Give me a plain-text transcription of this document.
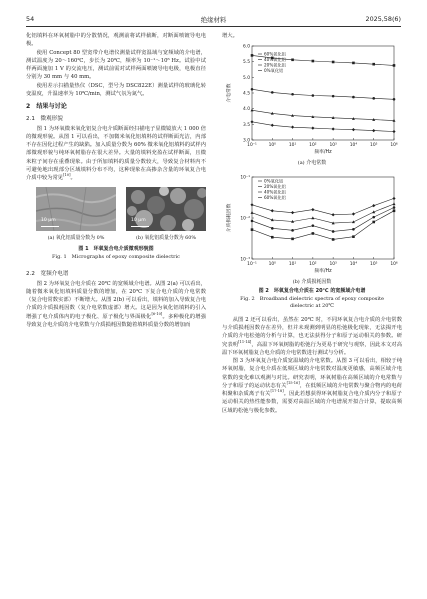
54	绝缘材料	2025,58(6)

化铝填料在环氧树脂中的分散情况，观测前将试样截断，对断面喷镀导电电极。

使用 Concept 80 型宽带介电谱仪测量试样宽温域与宽频域的介电谱，测试温度为 20～160℃，步长为 20℃，频率为 10⁻¹～10⁶ Hz。试验中试样两面施加 1 V 的交流电压，测试前需对试样两面喷镀导电电极，电极直径分别为 30 mm 与 40 mm。

使用差示扫描量热仪（DSC，型号为 DSC822E）测量试样的玻璃化转变温度，升温速率为 10℃/min，测试气氛为氮气。

2　结果与讨论
2.1　微观形貌

图 1 为环氧微米氧化铝复合电介质断面经扫描电子显微镜放大 1 000 倍的微观形貌。从图 1 可以看出，不加微米氧化铝填料的试样断面光洁，内部不存在因化过程产生的缺陷。加入质量分数为 60% 微米氧化铝填料的试样内部微观形貌与纯环氧树脂存在很大差异。大量的填料充盈在试样断面，且微米粒子间存在重叠现象。由于所加填料的质量分数较大，导致复合材料内不可避免地出现部分区域填料分布不均，这种现象在高掺杂含量的环氧复合电介质中较为常见[10]。

10 μm	10 μm
(a) 氧化铝质量分数为 0%	(b) 氧化铝质量分数为 60%
图 1　环氧复合电介质微观形貌图
Fig. 1　Micrographs of epoxy composite dielectric
2.2　宽频介电谱

图 2 为环氧复合电介质在 20℃ 的宽频域介电谱。从图 2(a) 可以看出，随着微米氧化铝填料质量分数的增加，在 20℃ 下复合电介质的介电常数（复合电常数实部）不断增大。从图 2(b) 可以看出，填料的加入导致复合电介质的介质损耗因数（复介电常数虚部）增大。这是因为氧化铝填料的引入增强了电介质体内的电子极化、原子极化与界面极化[6-10]。多种极化的增强导致复合电介质的介电常数与介质损耗因数随着填料质量分数的增加而

增大。

10⁻¹	10⁰	10¹	10²	10³	10⁴	10⁵	10⁶
3.0
3.5
4.0
4.5
5.0
5.5
6.0
频率/Hz
介电常数
60%氧化铝
40%氧化铝
20%氧化铝
0%氧化铝
(a) 介电常数
10⁻¹	10⁰	10¹	10²	10³	10⁴	10⁵	10⁶
10⁻³
10⁻²
10⁻¹
频率/Hz
介质损耗因数
0%氧化铝
20%氧化铝
40%氧化铝
60%氧化铝
(b) 介质损耗因数
图 2　环氧复合电介质在 20℃ 的宽频域介电谱
Fig. 2　Broadband dielectric spectra of epoxy composite
dielectric at 20℃

从图 2 还可以看出，虽然在 20℃ 时，不同环氧复合电介质的介电常数与介质损耗因数存在差异，但并未观测到明显的松弛极化现象，无法揭开电介质的介电松弛的分析与计算，也无法获得分子和原子运动相关的参数。研究表明[11-14]，高温下环氧树脂的松弛行为更易于研究与观察，因此本文对高温下环氧树脂复合电介质的介电常数进行测试与分析。

图 3 为环氧复合电介质宽温域的介电常数。从图 3 可以看出，相较于纯环氧树脂，复合电介质在低频区域的介电常数对温度更敏感，高频区域介电常数的变化难以观测与对比。研究表明，环氧树脂在高频区域的介电常数与分子和原子的运动状态有关[15-16]，在低频区域的介电常数与聚合物内的电荷积聚和杂质离子有关[17-18]。因此若想获得环氧树脂复合电介质内分子和原子运动相关的热性能参数，需要对高温区域的介电谱展开拟合计算，提取高频区域的松弛与极化参数。
